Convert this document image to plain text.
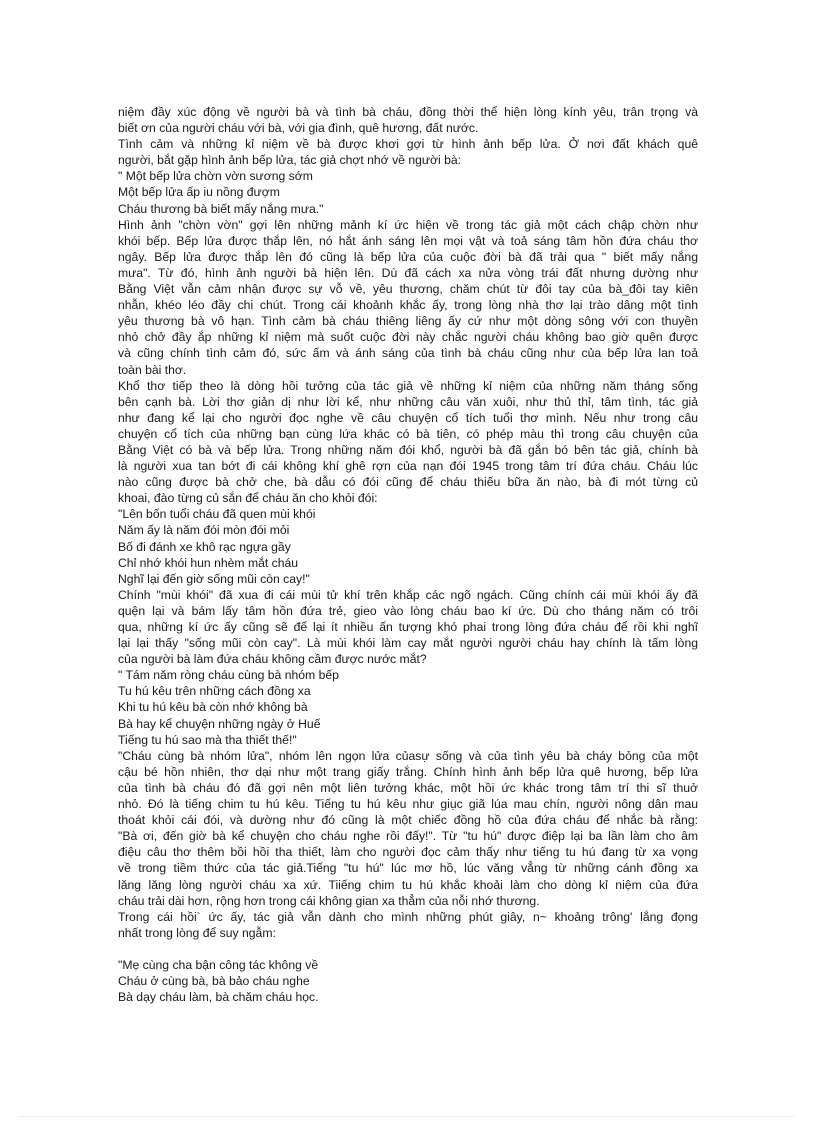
niệm đầy xúc động về người bà và tình bà cháu, đồng thời thể hiện lòng kính yêu, trân trọng và
biết ơn của người cháu với bà, với gia đình, quê hương, đất nước.
Tình cảm và những kỉ niệm về bà được khơi gợi từ hình ảnh bếp lửa. Ở nơi đất khách quê
người, bắt gặp hình ảnh bếp lửa, tác giả chợt nhớ về người bà:
" Một bếp lửa chờn vờn sương sớm
Một bếp lửa ấp iu nồng đượm
Cháu thương bà biết mấy nắng mưa."
Hình ảnh "chờn vờn" gợi lên những mảnh kí ức hiện về trong tác giả một cách chập chờn như
khói bếp. Bếp lửa được thắp lên, nó hắt ánh sáng lên mọi vật và toả sáng tâm hồn đứa cháu thơ
ngây. Bếp lửa được thắp lên đó cũng là bếp lửa của cuộc đời bà đã trải qua " biết mấy nắng
mưa". Từ đó, hình ảnh người bà hiện lên. Dù đã cách xa nửa vòng trái đất nhưng dường như
Bằng Việt vẫn cảm nhận được sự vỗ về, yêu thương, chăm chút từ đôi tay của bà_đôi tay kiên
nhẫn, khéo léo đầy chi chút. Trong cái khoảnh khắc ấy, trong lòng nhà thơ lại trào dâng một tình
yêu thương bà vô hạn. Tình cảm bà cháu thiêng liêng ấy cứ như một dòng sông với con thuyền
nhỏ chở đầy ắp những kỉ niệm mà suốt cuộc đời này chắc người cháu không bao giờ quên được
và cũng chính tình cảm đó, sức ấm và ánh sáng của tình bà cháu cũng như của bếp lửa lan toả
toàn bài thơ.
Khổ thơ tiếp theo là dòng hồi tưởng của tác giả về những kỉ niệm của những năm tháng sống
bên cạnh bà. Lời thơ giản dị như lời kể, như những câu văn xuôi, như thủ thỉ, tâm tình, tác giả
như đang kể lại cho người đọc nghe về câu chuyện cổ tích tuổi thơ mình. Nếu như trong câu
chuyện cổ tích của những bạn cùng lứa khác có bà tiên, có phép màu thì trong câu chuyện của
Bằng Việt có bà và bếp lửa. Trong những năm đói khổ, người bà đã gắn bó bên tác giả, chính bà
là người xua tan bớt đi cái không khí ghê rợn của nạn đói 1945 trong tâm trí đứa cháu. Cháu lúc
nào cũng được bà chở che, bà dẫu có đói cũng để cháu thiếu bữa ăn nào, bà đi mót từng củ
khoai, đào từng củ sắn để cháu ăn cho khỏi đói:
"Lên bốn tuổi cháu đã quen mùi khói
Năm ấy là năm đói mòn đói mỏi
Bố đi đánh xe khô rạc ngựa gầy
Chỉ nhớ khói hun nhèm mắt cháu
Nghĩ lại đến giờ sống mũi còn cay!"
Chính "mùi khói" đã xua đi cái mùi tử khí trên khắp các ngõ ngách. Cũng chính cái mùi khói ấy đã
quện lại và bám lấy tâm hồn đứa trẻ, gieo vào lòng cháu bao kí ức. Dù cho tháng năm có trôi
qua, những kí ức ấy cũng sẽ để lại ít nhiều ấn tượng khó phai trong lòng đứa cháu để rồi khi nghĩ
lại lại thấy "sống mũi còn cay". Là mùi khói làm cay mắt người người cháu hay chính là tấm lòng
của người bà làm đứa cháu không cầm được nước mắt?
" Tám năm ròng cháu cùng bà nhóm bếp
Tu hú kêu trên những cách đồng xa
Khi tu hú kêu bà còn nhớ không bà
Bà hay kể chuyện những ngày ở Huế
Tiếng tu hú sao mà tha thiết thế!"
"Cháu cùng bà nhóm lửa", nhóm lên ngọn lửa củasự sống và của tình yêu bà cháy bỏng của một
cậu bé hồn nhiên, thơ dại như một trang giấy trắng. Chính hình ảnh bếp lửa quê hương, bếp lửa
của tình bà cháu đó đã gợi nên một liên tưởng khác, một hồi ức khác trong tâm trí thi sĩ thuở
nhỏ. Đó là tiếng chim tu hú kêu. Tiếng tu hú kêu như giục giã lúa mau chín, người nông dân mau
thoát khỏi cái đói, và dường như đó cũng là một chiếc đồng hồ của đứa cháu để nhắc bà rằng:
"Bà ơi, đến giờ bà kể chuyện cho cháu nghe rồi đấy!". Từ "tu hú" được điệp lại ba lần làm cho âm
điệu câu thơ thêm bồi hồi tha thiết, làm cho người đọc cảm thấy như tiếng tu hú đang từ xa vọng
về trong tiềm thức của tác giả.Tiếng "tu hú" lúc mơ hồ, lúc văng vẳng từ những cánh đồng xa
lăng lăng lòng người cháu xa xứ. Tiiếng chim tu hú khắc khoải làm cho dòng kỉ niệm của đứa
cháu trải dài hơn, rộng hơn trong cái không gian xa thẳm của nỗi nhớ thương.
Trong cái hồi` ức ấy, tác giả vẫn dành cho mình những phút giây, n~ khoảng trông' lắng đọng
nhất trong lòng để suy ngẫm:
"Mẹ cùng cha bận công tác không về
Cháu ở cùng bà, bà bảo cháu nghe
Bà dạy cháu làm, bà chăm cháu học.
